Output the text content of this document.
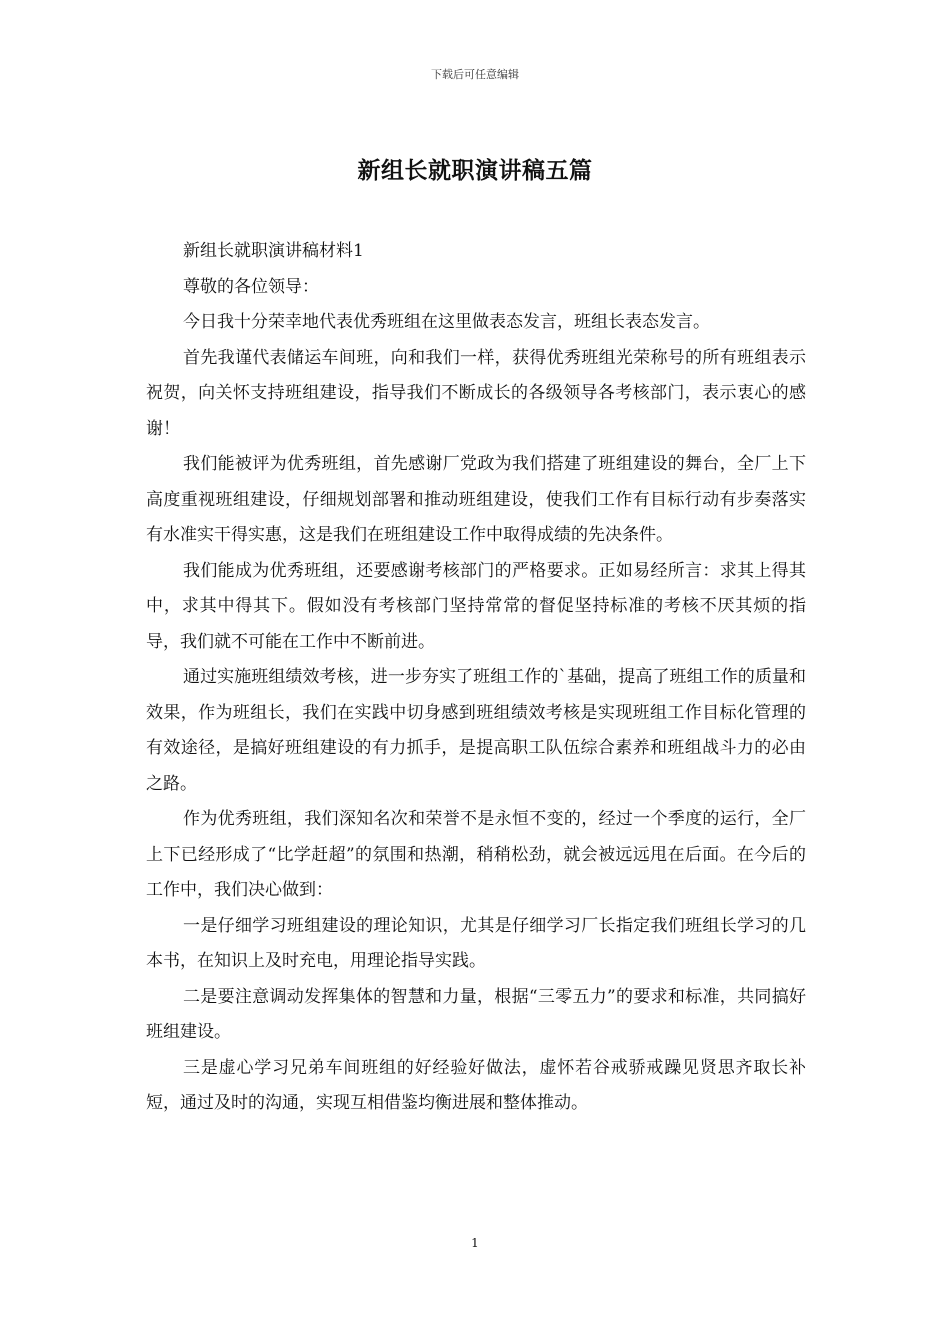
下载后可任意编辑
新组长就职演讲稿五篇

新组长就职演讲稿材料1

尊敬的各位领导：

今日我十分荣幸地代表优秀班组在这里做表态发言，班组长表态发言。

首先我谨代表储运车间班，向和我们一样，获得优秀班组光荣称号的所有班组表示祝贺，向关怀支持班组建设，指导我们不断成长的各级领导各考核部门，表示衷心的感谢！

我们能被评为优秀班组，首先感谢厂党政为我们搭建了班组建设的舞台，全厂上下高度重视班组建设，仔细规划部署和推动班组建设，使我们工作有目标行动有步奏落实有水准实干得实惠，这是我们在班组建设工作中取得成绩的先决条件。

我们能成为优秀班组，还要感谢考核部门的严格要求。正如易经所言：求其上得其中，求其中得其下。假如没有考核部门坚持常常的督促坚持标准的考核不厌其烦的指导，我们就不可能在工作中不断前进。

通过实施班组绩效考核，进一步夯实了班组工作的`基础，提高了班组工作的质量和效果，作为班组长，我们在实践中切身感到班组绩效考核是实现班组工作目标化管理的有效途径，是搞好班组建设的有力抓手，是提高职工队伍综合素养和班组战斗力的必由之路。

作为优秀班组，我们深知名次和荣誉不是永恒不变的，经过一个季度的运行，全厂上下已经形成了“比学赶超”的氛围和热潮，稍稍松劲，就会被远远甩在后面。在今后的工作中，我们决心做到：

一是仔细学习班组建设的理论知识，尤其是仔细学习厂长指定我们班组长学习的几本书，在知识上及时充电，用理论指导实践。

二是要注意调动发挥集体的智慧和力量，根据“三零五力”的要求和标准，共同搞好班组建设。

三是虚心学习兄弟车间班组的好经验好做法，虚怀若谷戒骄戒躁见贤思齐取长补短，通过及时的沟通，实现互相借鉴均衡进展和整体推动。

1
